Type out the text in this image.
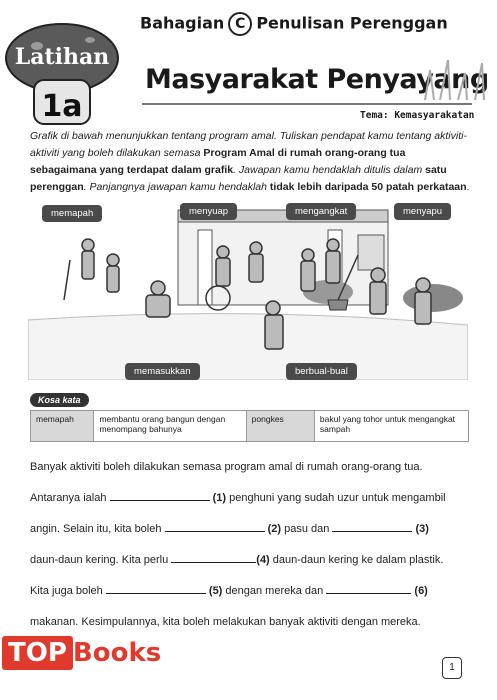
Latihan
1a
Bahagian C Penulisan Perenggan
Masyarakat Penyayang
Tema: Kemasyarakatan
Grafik di bawah menunjukkan tentang program amal. Tuliskan pendapat kamu tentang aktiviti-aktiviti yang boleh dilakukan semasa Program Amal di rumah orang-orang tua sebagaimana yang terdapat dalam grafik. Jawapan kamu hendaklah ditulis dalam satu perenggan. Panjangnya jawapan kamu hendaklah tidak lebih daripada 50 patah perkataan.
memapah	menyuap	mengangkat	menyapu
memasukkan	berbual-bual
Kosa kata
memapah	membantu orang bangun dengan menompang bahunya
pongkes	bakul yang tohor untuk mengangkat sampah
Banyak aktiviti boleh dilakukan semasa program amal di rumah orang-orang tua.
Antaranya ialah	(1) penghuni yang sudah uzur untuk mengambil
angin. Selain itu, kita boleh	(2) pasu dan	(3)
daun-daun kering. Kita perlu	(4) daun-daun kering ke dalam plastik.
Kita juga boleh	(5) dengan mereka dan	(6)
makanan. Kesimpulannya, kita boleh melakukan banyak aktiviti dengan mereka.
TOP Books	1
